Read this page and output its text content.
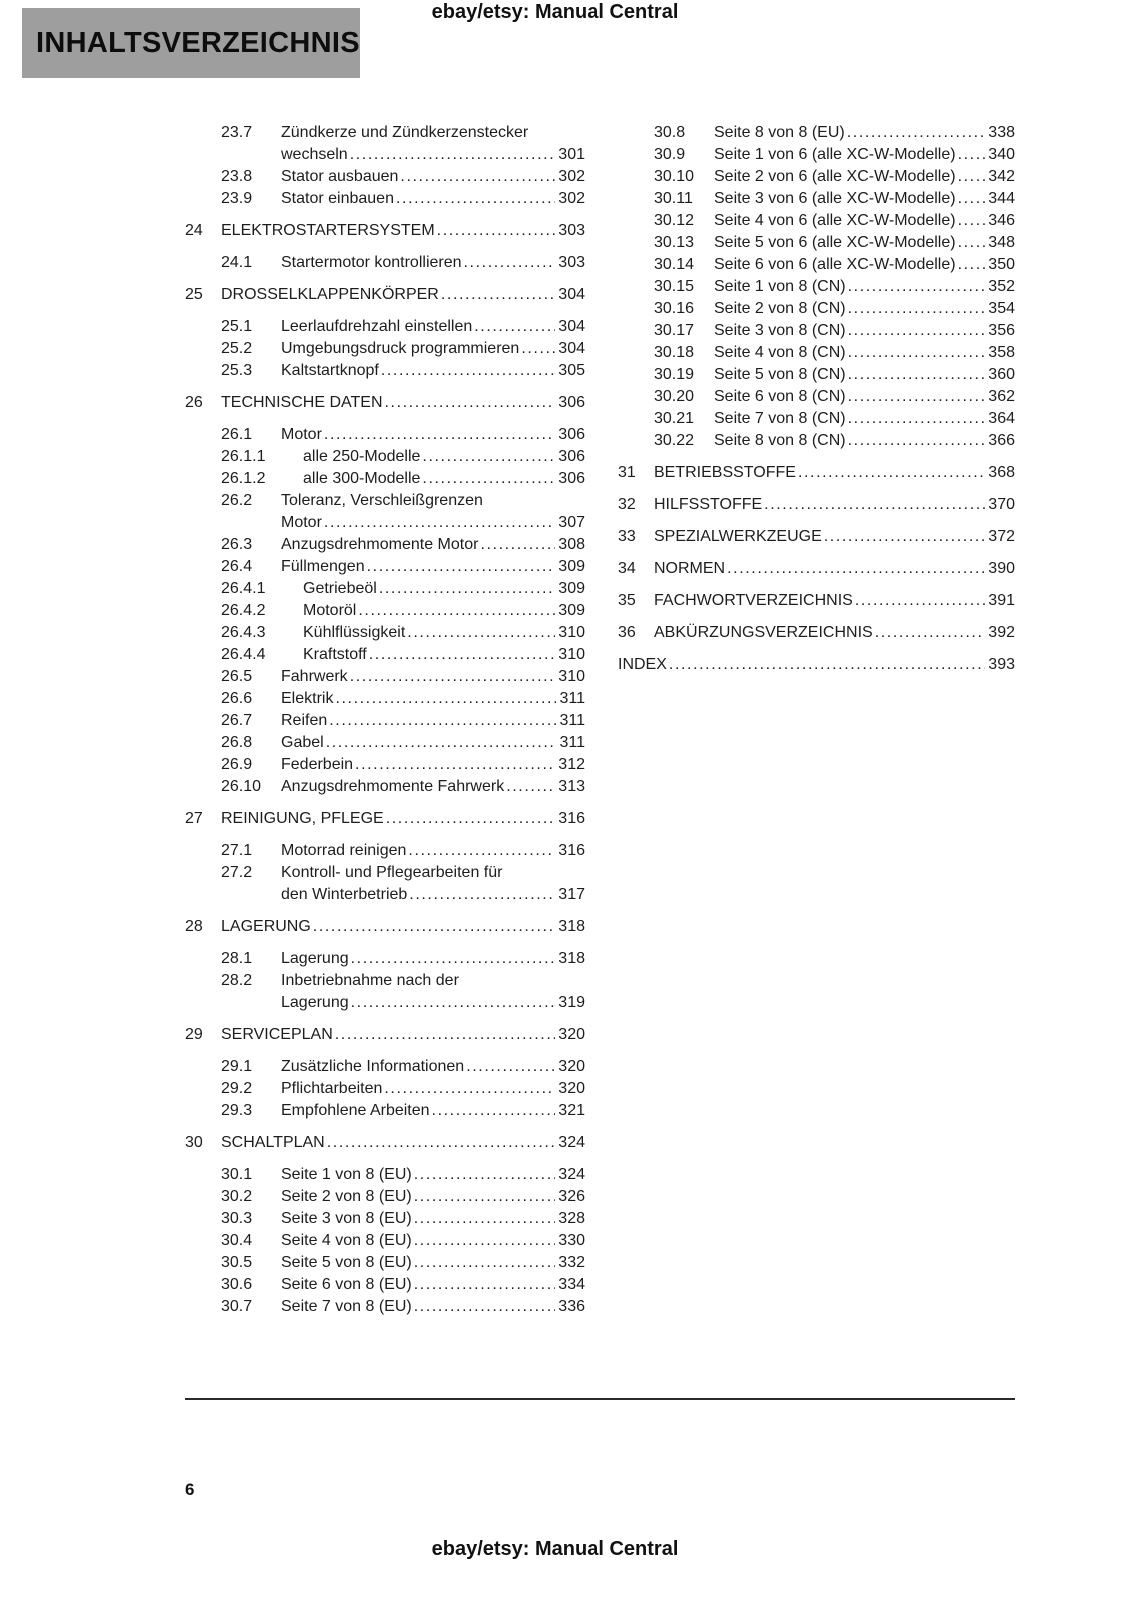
ebay/etsy: Manual Central
INHALTSVERZEICHNIS
23.7	Zündkerze und Zündkerzenstecker
wechseln .....	301
23.8	Stator ausbauen .....	302
23.9	Stator einbauen .....	302
24	ELEKTROSTARTERSYSTEM .....	303
24.1	Startermotor kontrollieren .....	303
25	DROSSELKLAPPENKÖRPER .....	304
25.1	Leerlaufdrehzahl einstellen .....	304
25.2	Umgebungsdruck programmieren ..... 304
25.3	Kaltstartknopf .....	305
26	TECHNISCHE DATEN .....	306
26.1	Motor .....	306
26.1.1	alle 250-Modelle .....	306
26.1.2	alle 300-Modelle .....	306
26.2	Toleranz, Verschleißgrenzen
Motor .....	307
26.3	Anzugsdrehmomente Motor .....	308
26.4	Füllmengen .....	309
26.4.1	Getriebeöl .....	309
26.4.2	Motoröl .....	309
26.4.3	Kühlflüssigkeit .....	310
26.4.4	Kraftstoff .....	310
26.5	Fahrwerk .....	310
26.6	Elektrik .....	311
26.7	Reifen .....	311
26.8	Gabel .....	311
26.9	Federbein .....	312
26.10	Anzugsdrehmomente Fahrwerk .....	313
27	REINIGUNG, PFLEGE .....	316
27.1	Motorrad reinigen .....	316
27.2	Kontroll- und Pflegearbeiten für
den Winterbetrieb .....	317
28	LAGERUNG .....	318
28.1	Lagerung .....	318
28.2	Inbetriebnahme nach der
Lagerung .....	319
29	SERVICEPLAN .....	320
29.1	Zusätzliche Informationen .....	320
29.2	Pflichtarbeiten .....	320
29.3	Empfohlene Arbeiten .....	321
30	SCHALTPLAN .....	324
30.1	Seite 1 von 8 (EU) .....	324
30.2	Seite 2 von 8 (EU) .....	326
30.3	Seite 3 von 8 (EU) .....	328
30.4	Seite 4 von 8 (EU) .....	330
30.5	Seite 5 von 8 (EU) .....	332
30.6	Seite 6 von 8 (EU) .....	334
30.7	Seite 7 von 8 (EU) .....	336
30.8	Seite 8 von 8 (EU) .....	338
30.9	Seite 1 von 6 (alle XC-W-Modelle) ..... 340
30.10	Seite 2 von 6 (alle XC-W-Modelle) ..... 342
30.11	Seite 3 von 6 (alle XC-W-Modelle) ..... 344
30.12	Seite 4 von 6 (alle XC-W-Modelle) ..... 346
30.13	Seite 5 von 6 (alle XC-W-Modelle) ..... 348
30.14	Seite 6 von 6 (alle XC-W-Modelle) ..... 350
30.15	Seite 1 von 8 (CN) .....	352
30.16	Seite 2 von 8 (CN) .....	354
30.17	Seite 3 von 8 (CN) .....	356
30.18	Seite 4 von 8 (CN) .....	358
30.19	Seite 5 von 8 (CN) .....	360
30.20	Seite 6 von 8 (CN) .....	362
30.21	Seite 7 von 8 (CN) .....	364
30.22	Seite 8 von 8 (CN) .....	366
31	BETRIEBSSTOFFE .....	368
32	HILFSSTOFFE .....	370
33	SPEZIALWERKZEUGE .....	372
34	NORMEN .....	390
35	FACHWORTVERZEICHNIS .....	391
36	ABKÜRZUNGSVERZEICHNIS .....	392
INDEX .....	393
6
ebay/etsy: Manual Central
